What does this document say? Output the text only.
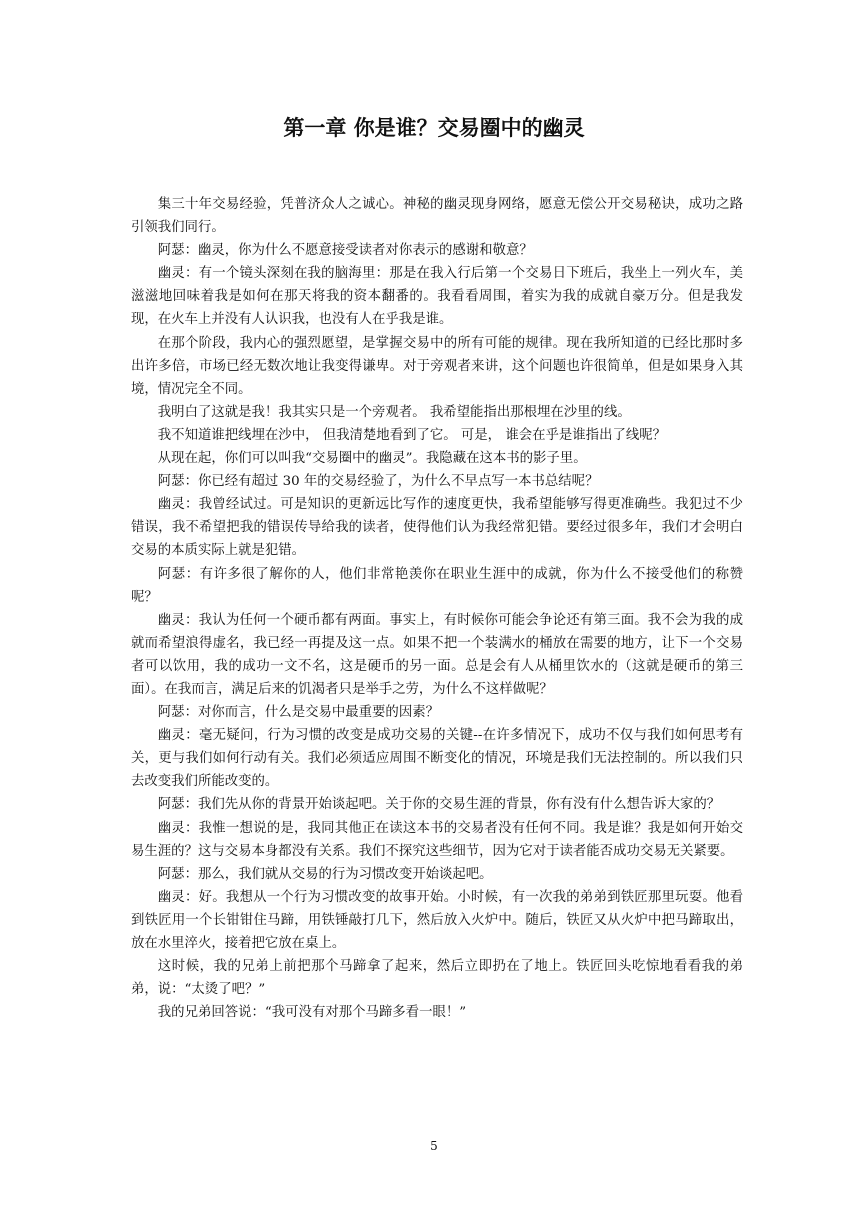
第一章 你是谁？交易圈中的幽灵

集三十年交易经验，凭普济众人之诚心。神秘的幽灵现身网络，愿意无偿公开交易秘诀，成功之路引领我们同行。

阿瑟：幽灵，你为什么不愿意接受读者对你表示的感谢和敬意？

幽灵：有一个镜头深刻在我的脑海里：那是在我入行后第一个交易日下班后，我坐上一列火车，美滋滋地回味着我是如何在那天将我的资本翻番的。我看看周围，着实为我的成就自豪万分。但是我发现，在火车上并没有人认识我，也没有人在乎我是谁。

在那个阶段，我内心的强烈愿望，是掌握交易中的所有可能的规律。现在我所知道的已经比那时多出许多倍，市场已经无数次地让我变得谦卑。对于旁观者来讲，这个问题也许很简单，但是如果身入其境，情况完全不同。

我明白了这就是我！我其实只是一个旁观者。 我希望能指出那根埋在沙里的线。

我不知道谁把线埋在沙中， 但我清楚地看到了它。 可是， 谁会在乎是谁指出了线呢？

从现在起，你们可以叫我“交易圈中的幽灵”。我隐藏在这本书的影子里。

阿瑟：你已经有超过 30 年的交易经验了，为什么不早点写一本书总结呢？

幽灵：我曾经试过。可是知识的更新远比写作的速度更快，我希望能够写得更准确些。我犯过不少错误，我不希望把我的错误传导给我的读者，使得他们认为我经常犯错。要经过很多年，我们才会明白交易的本质实际上就是犯错。

阿瑟：有许多很了解你的人，他们非常艳羡你在职业生涯中的成就，你为什么不接受他们的称赞呢？

幽灵：我认为任何一个硬币都有两面。事实上，有时候你可能会争论还有第三面。我不会为我的成就而希望浪得虚名，我已经一再提及这一点。如果不把一个装满水的桶放在需要的地方，让下一个交易者可以饮用，我的成功一文不名，这是硬币的另一面。总是会有人从桶里饮水的（这就是硬币的第三面）。在我而言，满足后来的饥渴者只是举手之劳，为什么不这样做呢？

阿瑟：对你而言，什么是交易中最重要的因素？

幽灵：毫无疑问，行为习惯的改变是成功交易的关键--在许多情况下，成功不仅与我们如何思考有关，更与我们如何行动有关。我们必须适应周围不断变化的情况，环境是我们无法控制的。所以我们只去改变我们所能改变的。

阿瑟：我们先从你的背景开始谈起吧。关于你的交易生涯的背景，你有没有什么想告诉大家的？

幽灵：我惟一想说的是，我同其他正在读这本书的交易者没有任何不同。我是谁？我是如何开始交易生涯的？这与交易本身都没有关系。我们不探究这些细节，因为它对于读者能否成功交易无关紧要。

阿瑟：那么，我们就从交易的行为习惯改变开始谈起吧。

幽灵：好。我想从一个行为习惯改变的故事开始。小时候，有一次我的弟弟到铁匠那里玩耍。他看到铁匠用一个长钳钳住马蹄，用铁锤敲打几下，然后放入火炉中。随后，铁匠又从火炉中把马蹄取出，放在水里淬火，接着把它放在桌上。

这时候，我的兄弟上前把那个马蹄拿了起来，然后立即扔在了地上。铁匠回头吃惊地看看我的弟弟，说：“太烫了吧？”

我的兄弟回答说：“我可没有对那个马蹄多看一眼！”

5
